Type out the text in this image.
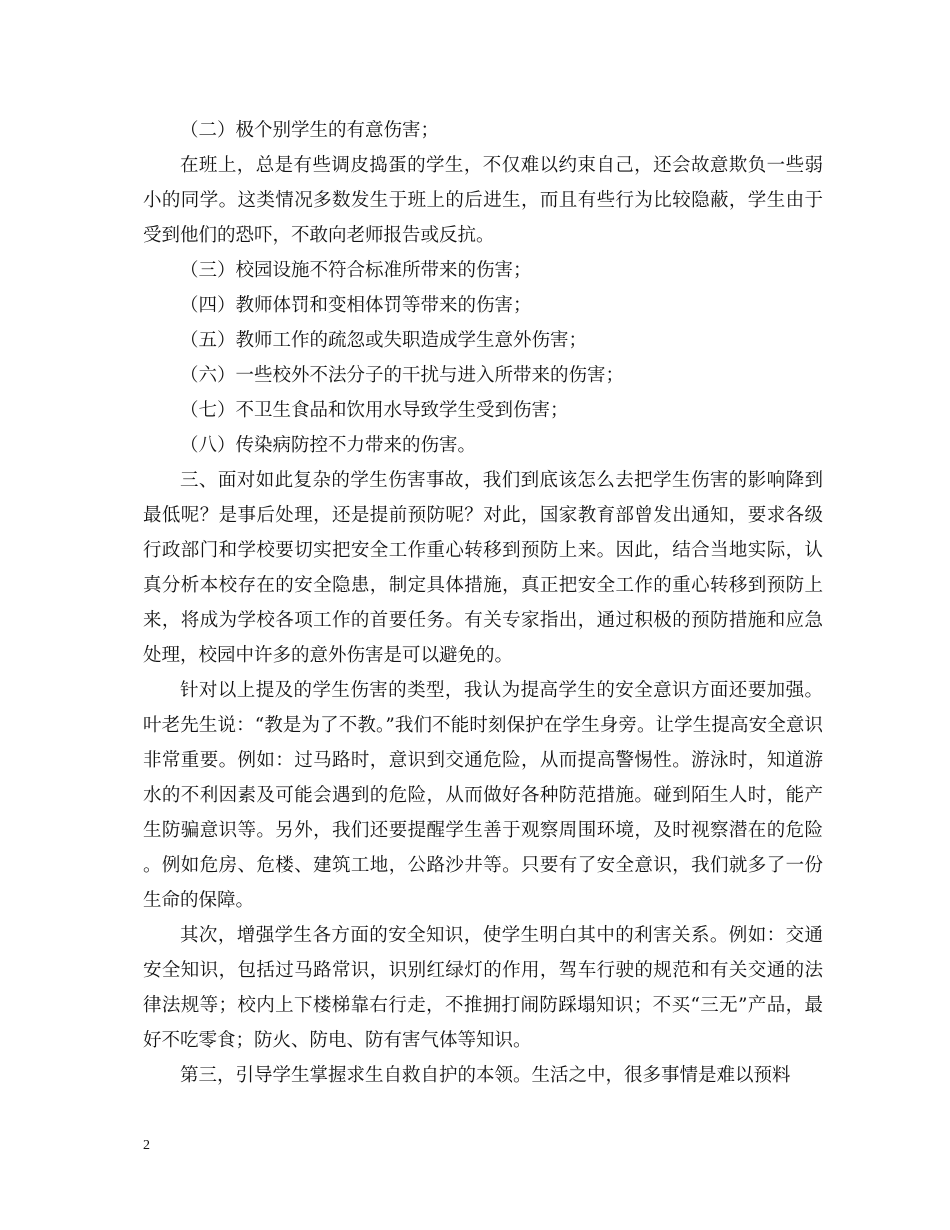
（二）极个别学生的有意伤害；

在班上，总是有些调皮捣蛋的学生，不仅难以约束自己，还会故意欺负一些弱小的同学。这类情况多数发生于班上的后进生，而且有些行为比较隐蔽，学生由于受到他们的恐吓，不敢向老师报告或反抗。

（三）校园设施不符合标准所带来的伤害；

（四）教师体罚和变相体罚等带来的伤害；

（五）教师工作的疏忽或失职造成学生意外伤害；

（六）一些校外不法分子的干扰与进入所带来的伤害；

（七）不卫生食品和饮用水导致学生受到伤害；

（八）传染病防控不力带来的伤害。

三、面对如此复杂的学生伤害事故，我们到底该怎么去把学生伤害的影响降到最低呢？是事后处理，还是提前预防呢？对此，国家教育部曾发出通知，要求各级行政部门和学校要切实把安全工作重心转移到预防上来。因此，结合当地实际，认真分析本校存在的安全隐患，制定具体措施，真正把安全工作的重心转移到预防上来，将成为学校各项工作的首要任务。有关专家指出，通过积极的预防措施和应急处理，校园中许多的意外伤害是可以避免的。

针对以上提及的学生伤害的类型，我认为提高学生的安全意识方面还要加强。叶老先生说：“教是为了不教。”我们不能时刻保护在学生身旁。让学生提高安全意识非常重要。例如：过马路时，意识到交通危险，从而提高警惕性。游泳时，知道游水的不利因素及可能会遇到的危险，从而做好各种防范措施。碰到陌生人时，能产生防骗意识等。另外，我们还要提醒学生善于观察周围环境，及时视察潜在的危险。例如危房、危楼、建筑工地，公路沙井等。只要有了安全意识，我们就多了一份生命的保障。

其次，增强学生各方面的安全知识，使学生明白其中的利害关系。例如：交通安全知识，包括过马路常识，识别红绿灯的作用，驾车行驶的规范和有关交通的法律法规等；校内上下楼梯靠右行走，不推拥打闹防踩塌知识；不买“三无”产品，最好不吃零食；防火、防电、防有害气体等知识。

第三，引导学生掌握求生自救自护的本领。生活之中，很多事情是难以预料

2
